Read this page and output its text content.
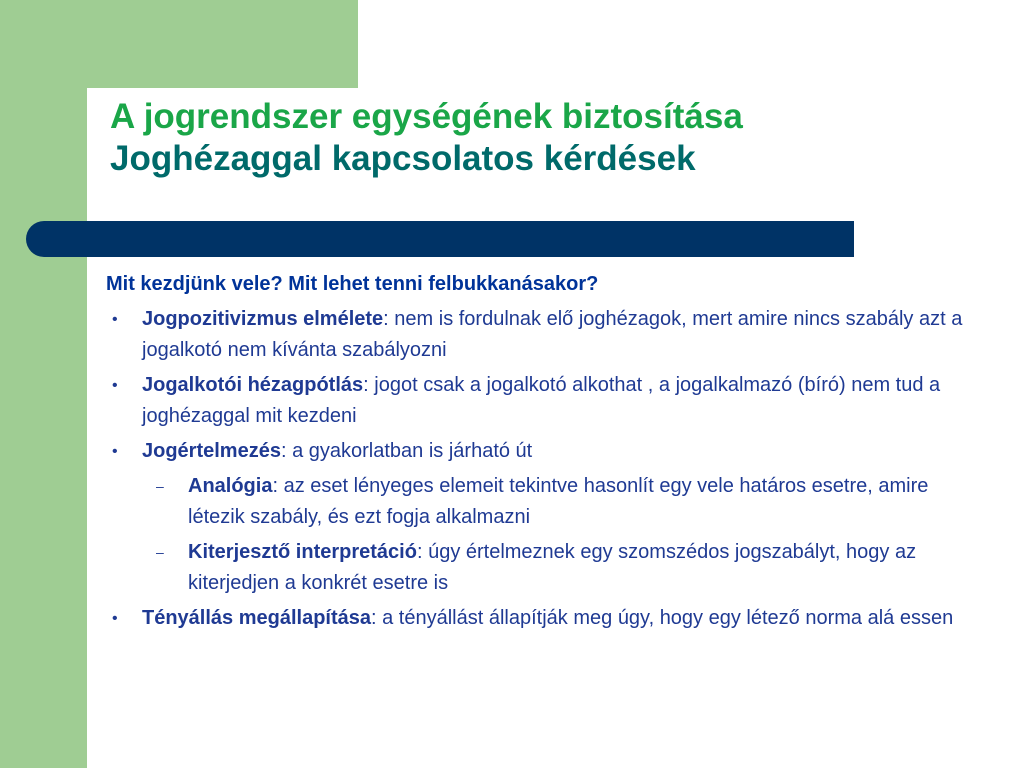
A jogrendszer egységének biztosítása
Joghézaggal kapcsolatos kérdések

Mit kezdjünk vele? Mit lehet tenni felbukkanásakor?

• Jogpozitivizmus elmélete: nem is fordulnak elő joghézagok, mert amire nincs szabály azt a jogalkotó nem kívánta szabályozni
• Jogalkotói hézagpótlás: jogot csak a jogalkotó alkothat , a jogalkalmazó (bíró) nem tud a joghézaggal mit kezdeni
• Jogértelmezés: a gyakorlatban is járható út
– Analógia: az eset lényeges elemeit tekintve hasonlít egy vele határos esetre, amire létezik szabály, és ezt fogja alkalmazni
– Kiterjesztő interpretáció: úgy értelmeznek egy szomszédos jogszabályt, hogy az kiterjedjen a konkrét esetre is
• Tényállás megállapítása: a tényállást állapítják meg úgy, hogy egy létező norma alá essen
